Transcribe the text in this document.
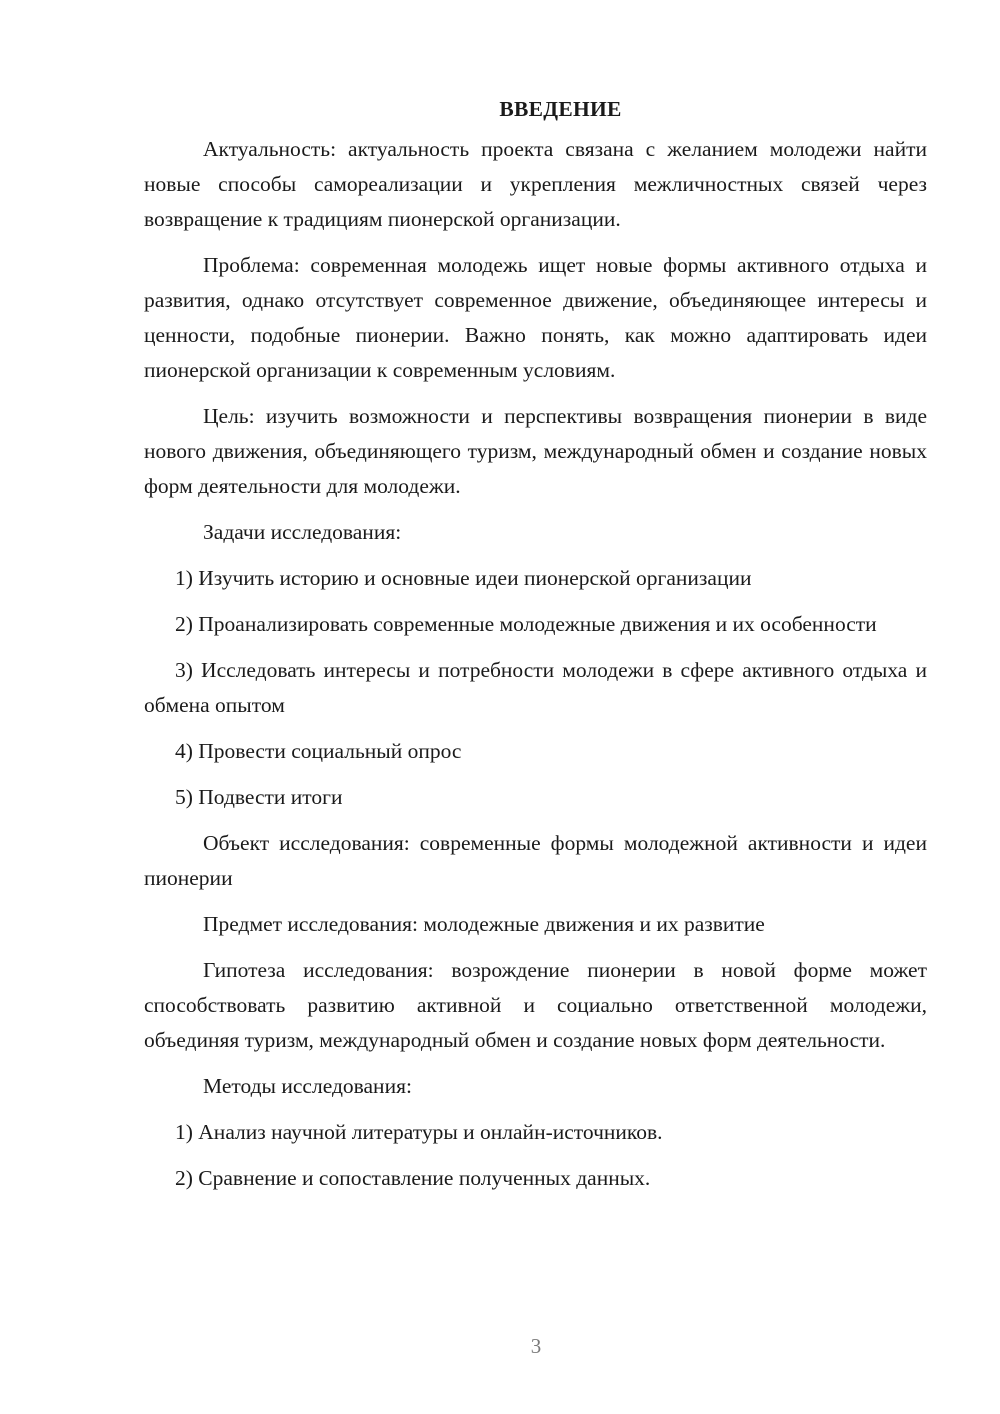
ВВЕДЕНИЕ

Актуальность: актуальность проекта связана с желанием молодежи найти новые способы самореализации и укрепления межличностных связей через возвращение к традициям пионерской организации.

Проблема: современная молодежь ищет новые формы активного отдыха и развития, однако отсутствует современное движение, объединяющее интересы и ценности, подобные пионерии. Важно понять, как можно адаптировать идеи пионерской организации к современным условиям.

Цель: изучить возможности и перспективы возвращения пионерии в виде нового движения, объединяющего туризм, международный обмен и создание новых форм деятельности для молодежи.

Задачи исследования:

1) Изучить историю и основные идеи пионерской организации

2) Проанализировать современные молодежные движения и их особенности

3) Исследовать интересы и потребности молодежи в сфере активного отдыха и обмена опытом

4) Провести социальный опрос

5) Подвести итоги

Объект исследования: современные формы молодежной активности и идеи пионерии

Предмет исследования: молодежные движения и их развитие

Гипотеза исследования: возрождение пионерии в новой форме может способствовать развитию активной и социально ответственной молодежи, объединяя туризм, международный обмен и создание новых форм деятельности.

Методы исследования:

1) Анализ научной литературы и онлайн-источников.

2) Сравнение и сопоставление полученных данных.

3
